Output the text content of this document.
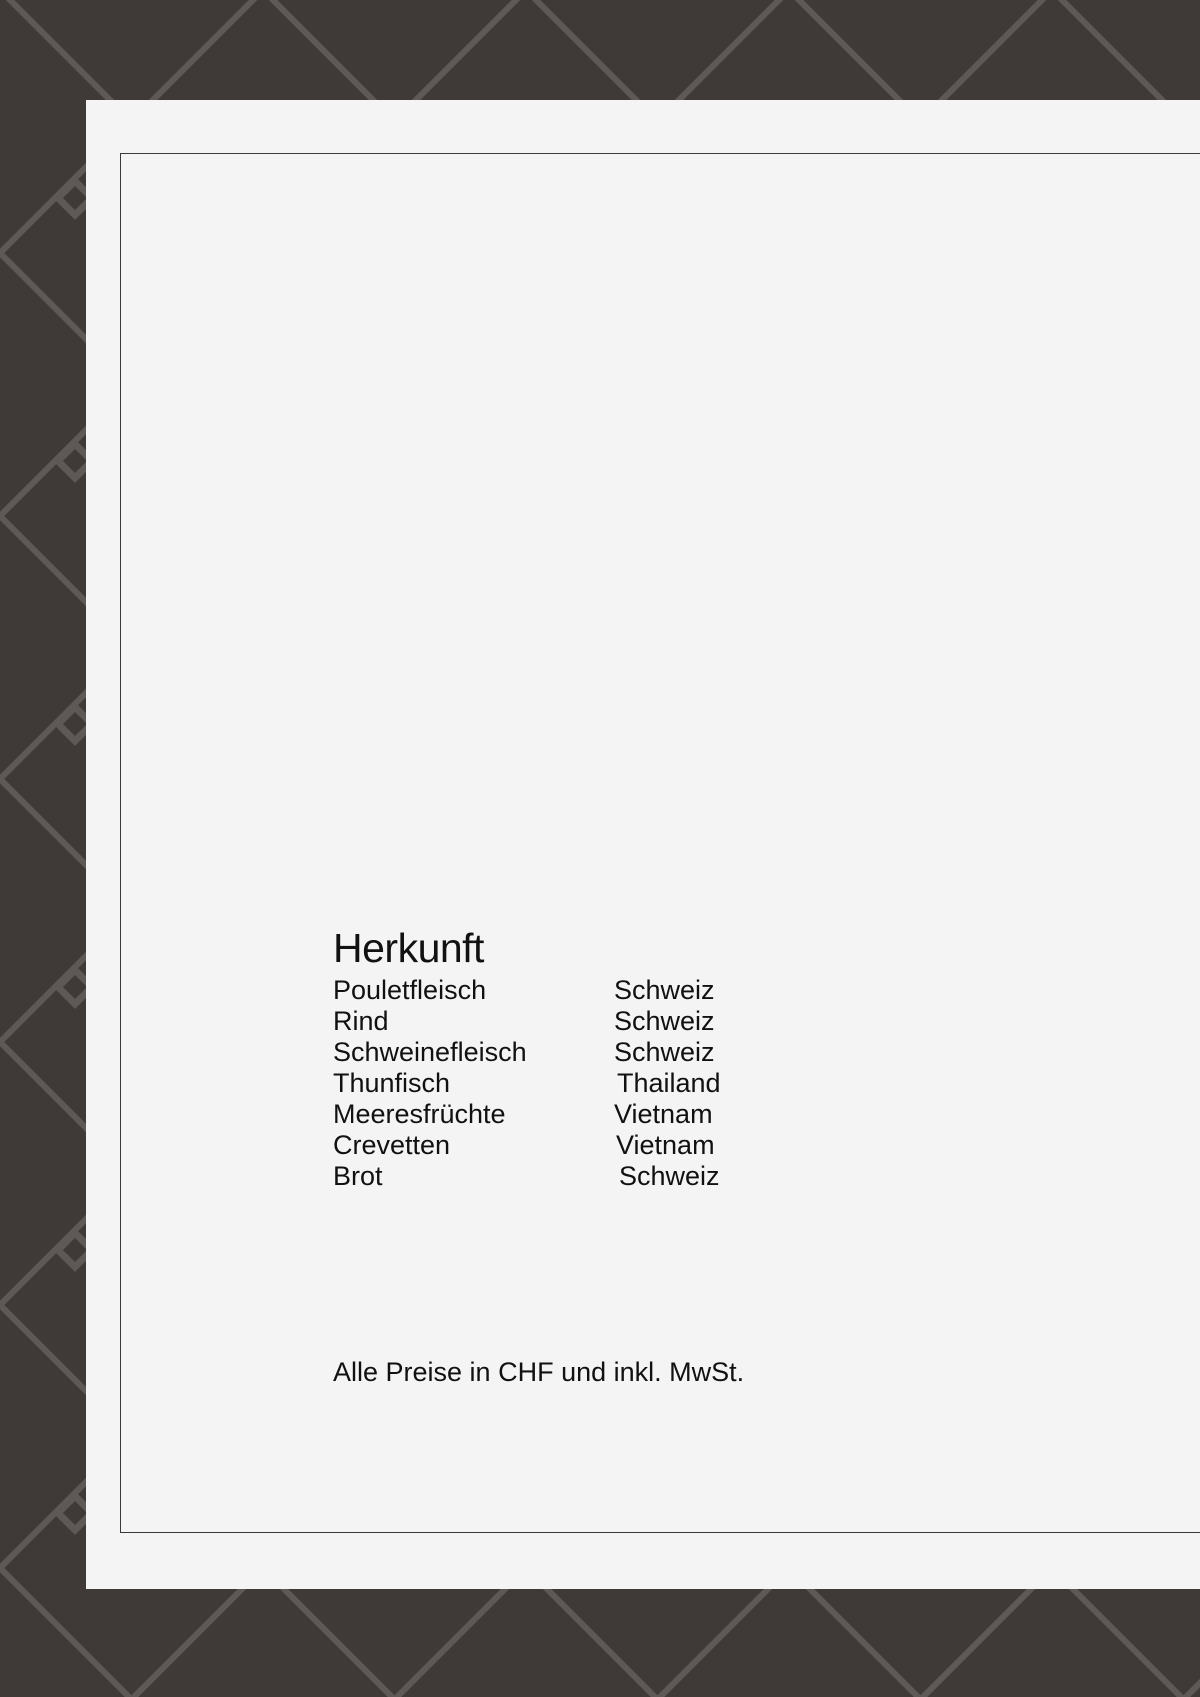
Herkunft
Pouletfleisch	Schweiz
Rind	Schweiz
Schweinefleisch	Schweiz
Thunfisch	Thailand
Meeresfrüchte	Vietnam
Crevetten	Vietnam
Brot	Schweiz
Alle Preise in CHF und inkl. MwSt.
